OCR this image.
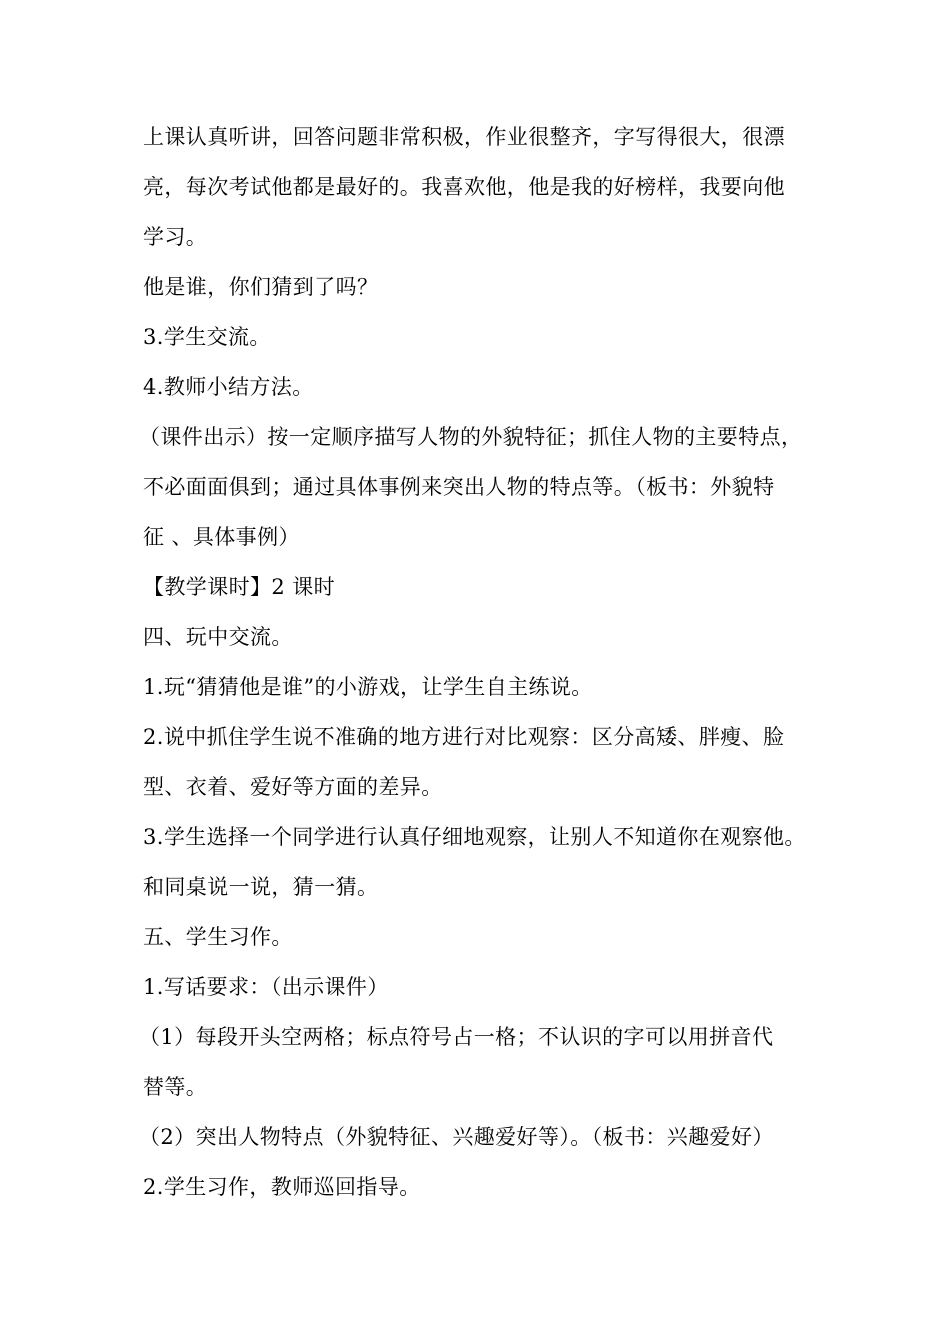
上课认真听讲，回答问题非常积极，作业很整齐，字写得很大，很漂
亮，每次考试他都是最好的。我喜欢他，他是我的好榜样，我要向他
学习。
他是谁，你们猜到了吗？
3.学生交流。
4.教师小结方法。
（课件出示）按一定顺序描写人物的外貌特征；抓住人物的主要特点，
不必面面俱到；通过具体事例来突出人物的特点等。（板书：外貌特
征 、具体事例）
【教学课时】2 课时
四、玩中交流。
1.玩“猜猜他是谁”的小游戏，让学生自主练说。
2.说中抓住学生说不准确的地方进行对比观察：区分高矮、胖瘦、脸
型、衣着、爱好等方面的差异。
3.学生选择一个同学进行认真仔细地观察，让别人不知道你在观察他。
和同桌说一说，猜一猜。
五、学生习作。
1.写话要求：（出示课件）
（1）每段开头空两格；标点符号占一格；不认识的字可以用拼音代
替等。
（2）突出人物特点（外貌特征、兴趣爱好等）。（板书：兴趣爱好）
2.学生习作，教师巡回指导。
